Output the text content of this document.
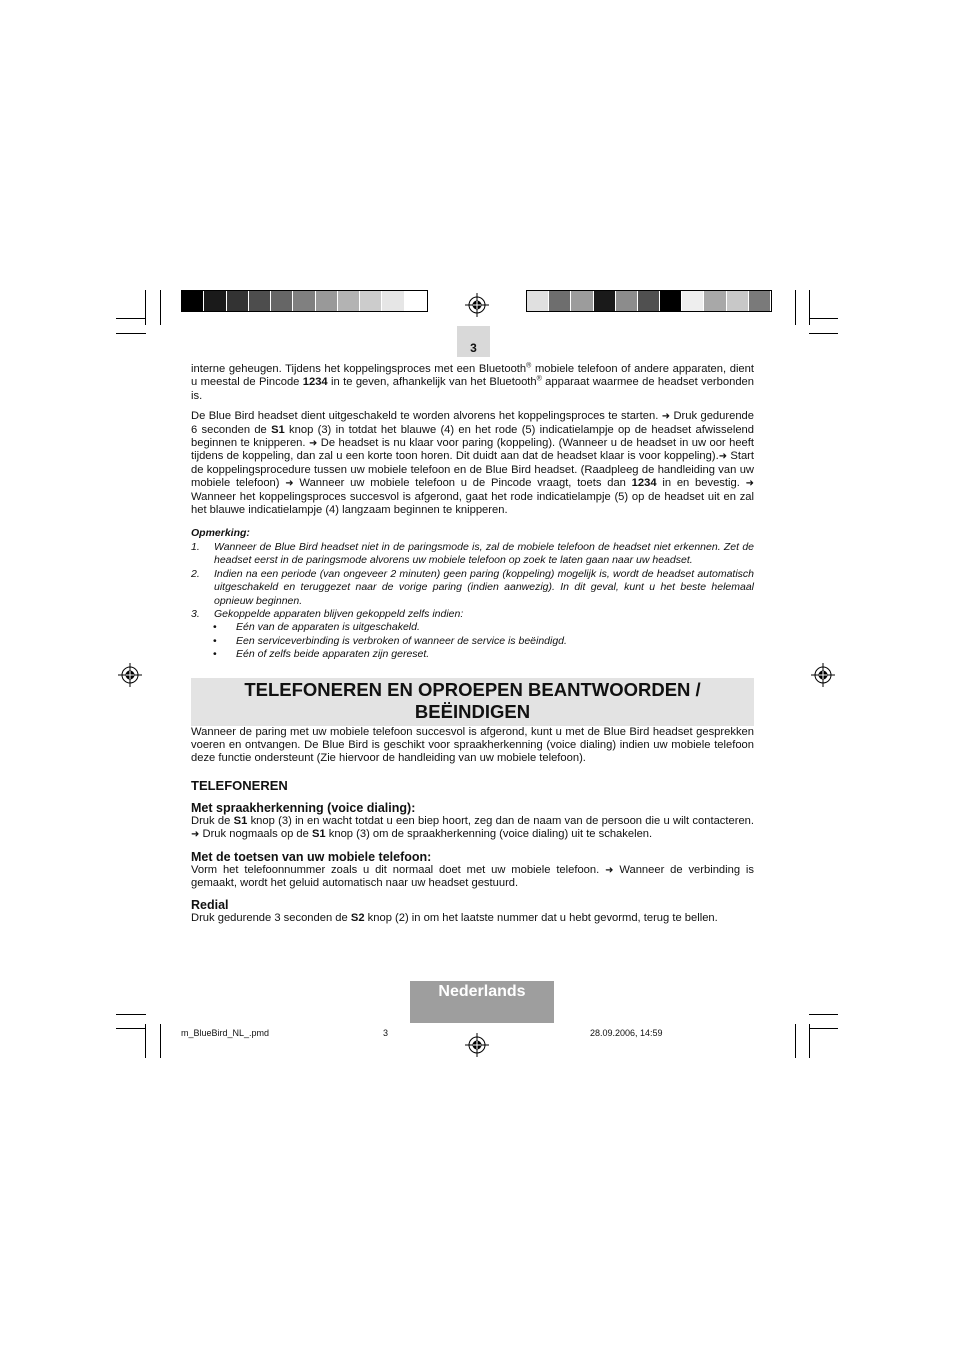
3

interne geheugen. Tijdens het koppelingsproces met een Bluetooth® mobiele telefoon of andere apparaten, dient u meestal de Pincode 1234 in te geven, afhankelijk van het Bluetooth® apparaat waarmee de headset verbonden is.

De Blue Bird headset dient uitgeschakeld te worden alvorens het koppelingsproces te starten. ➜ Druk gedurende 6 seconden de S1 knop (3) in totdat het blauwe (4) en het rode (5) indicatielampje op de headset afwisselend beginnen te knipperen. ➜ De headset is nu klaar voor paring (koppeling). (Wanneer u de headset in uw oor heeft tijdens de koppeling, dan zal u een korte toon horen. Dit duidt aan dat de headset klaar is voor koppeling).➜ Start de koppelingsprocedure tussen uw mobiele telefoon en de Blue Bird headset. (Raadpleeg de handleiding van uw mobiele telefoon) ➜ Wanneer uw mobiele telefoon u de Pincode vraagt, toets dan 1234 in en bevestig. ➜ Wanneer het koppelingsproces succesvol is afgerond, gaat het rode indicatielampje (5) op de headset uit en zal het blauwe indicatielampje (4) langzaam beginnen te knipperen.

Opmerking:
1.	Wanneer de Blue Bird headset niet in de paringsmode is, zal de mobiele telefoon de headset niet erkennen. Zet de headset eerst in de paringsmode alvorens uw mobiele telefoon op zoek te laten gaan naar uw headset.
2.	Indien na een periode (van ongeveer 2 minuten) geen paring (koppeling) mogelijk is, wordt de headset automatisch uitgeschakeld en teruggezet naar de vorige paring (indien aanwezig). In dit geval, kunt u het beste helemaal opnieuw beginnen.
3.	Gekoppelde apparaten blijven gekoppeld zelfs indien:
•	Eén van de apparaten is uitgeschakeld.
•	Een serviceverbinding is verbroken of wanneer de service is beëindigd.
•	Eén of zelfs beide apparaten zijn gereset.
TELEFONEREN EN OPROEPEN BEANTWOORDEN /
BEËINDIGEN

Wanneer de paring met uw mobiele telefoon succesvol is afgerond, kunt u met de Blue Bird headset gesprekken voeren en ontvangen. De Blue Bird is geschikt voor spraakherkenning (voice dialing) indien uw mobiele telefoon deze functie ondersteunt (Zie hiervoor de handleiding van uw mobiele telefoon).

TELEFONEREN
Met spraakherkenning (voice dialing):

Druk de S1 knop (3) in en wacht totdat u een biep hoort, zeg dan de naam van de persoon die u wilt contacteren. ➜ Druk nogmaals op de S1 knop (3) om de spraakherkenning (voice dialing) uit te schakelen.

Met de toetsen van uw mobiele telefoon:

Vorm het telefoonnummer zoals u dit normaal doet met uw mobiele telefoon. ➜ Wanneer de verbinding is gemaakt, wordt het geluid automatisch naar uw headset gestuurd.

Redial

Druk gedurende 3 seconden de S2 knop (2) in om het laatste nummer dat u hebt gevormd, terug te bellen.

Nederlands
m_BlueBird_NL_.pmd	3	28.09.2006, 14:59
